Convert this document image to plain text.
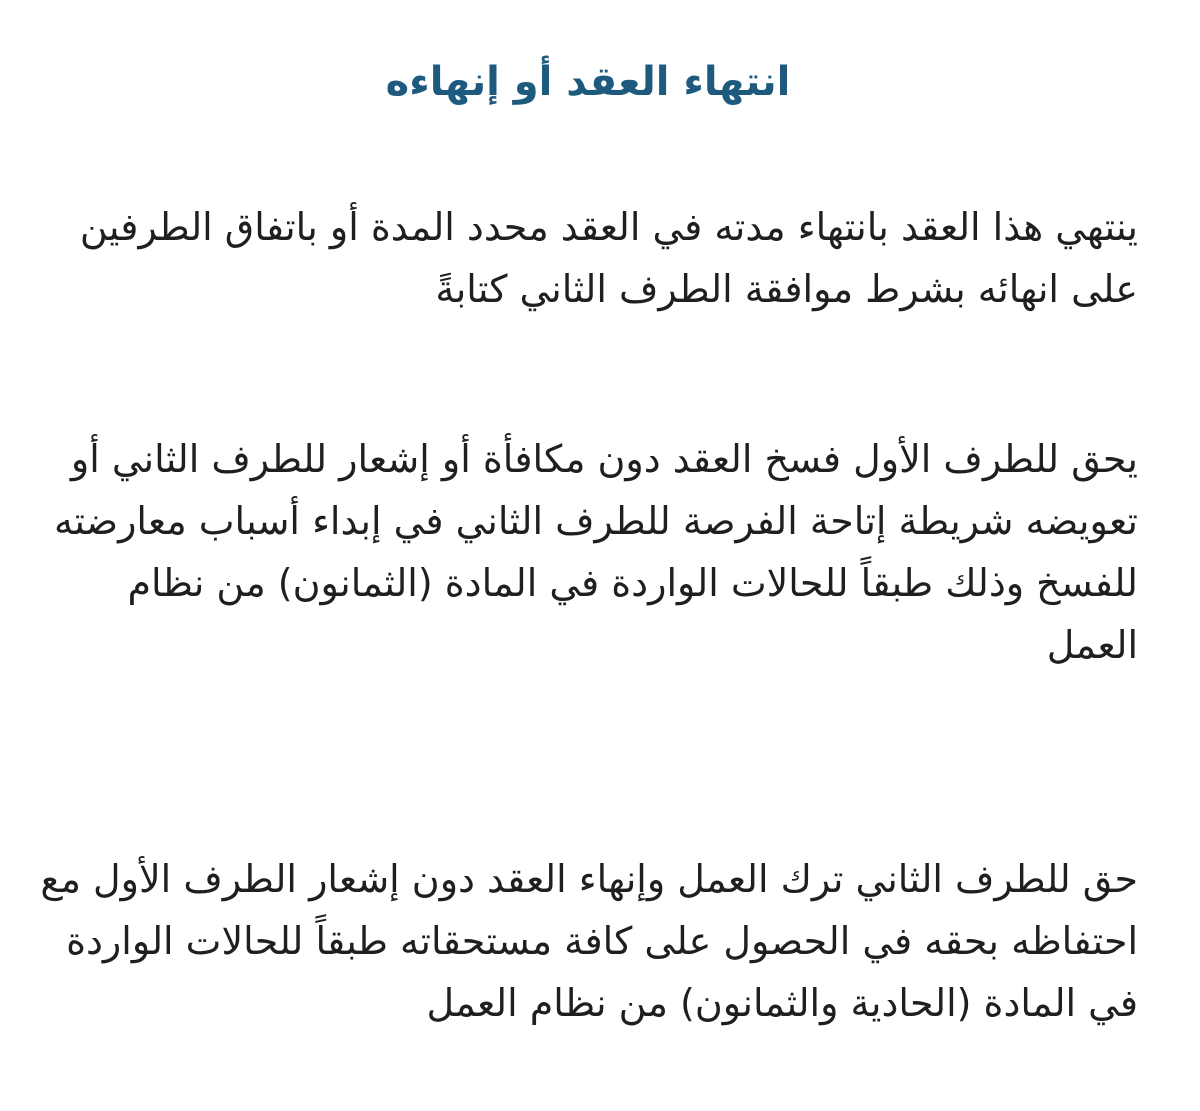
انتهاء العقد أو إنهاءه

ينتهي هذا العقد بانتهاء مدته في العقد محدد المدة أو باتفاق الطرفين على انهائه بشرط موافقة الطرف الثاني كتابةً

يحق للطرف الأول فسخ العقد دون مكافأة أو إشعار للطرف الثاني أو تعويضه شريطة إتاحة الفرصة للطرف الثاني في إبداء أسباب معارضته للفسخ وذلك طبقاً للحالات الواردة في المادة (الثمانون) من نظام العمل

حق للطرف الثاني ترك العمل وإنهاء العقد دون إشعار الطرف الأول مع احتفاظه بحقه في الحصول على كافة مستحقاته طبقاً للحالات الواردة في المادة (الحادية والثمانون) من نظام العمل
